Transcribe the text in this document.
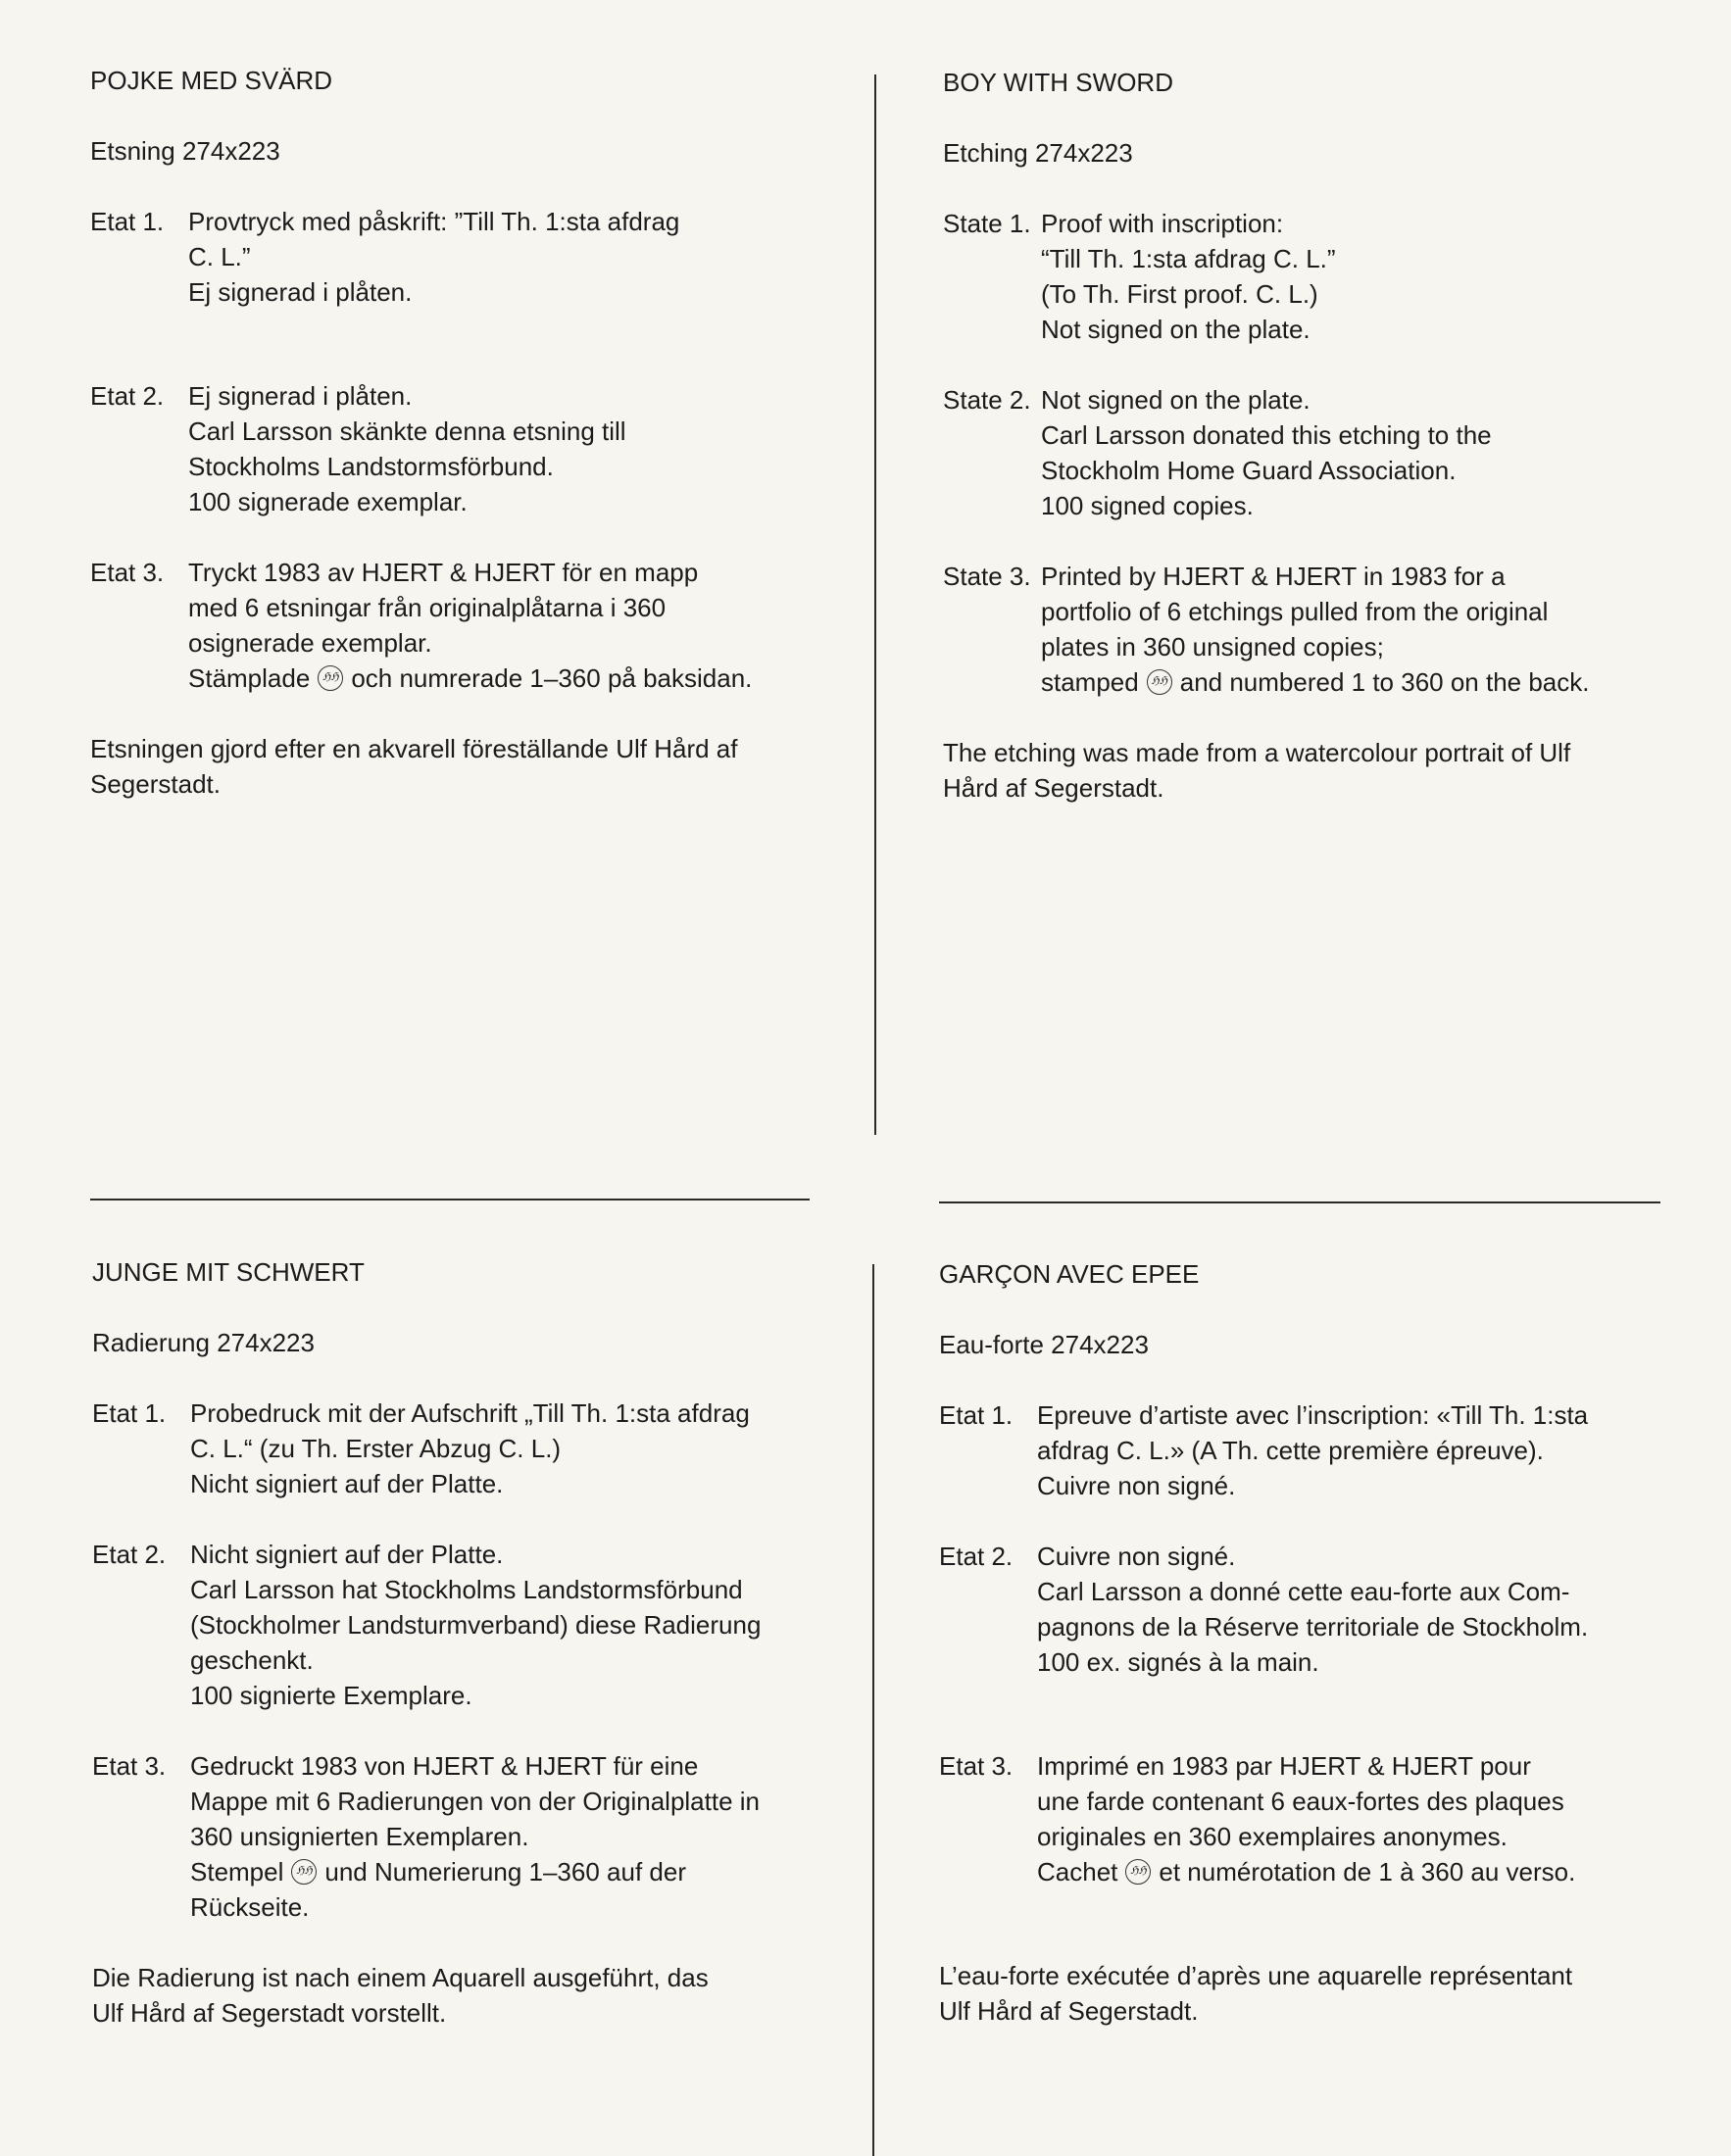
POJKE MED SVÄRD
Etsning 274x223
Etat 1. Provtryck med påskrift: ”Till Th. 1:sta afdrag
C. L.”
Ej signerad i plåten.
Etat 2. Ej signerad i plåten.
Carl Larsson skänkte denna etsning till
Stockholms Landstormsförbund.
100 signerade exemplar.
Etat 3. Tryckt 1983 av HJERT & HJERT för en mapp
med 6 etsningar från originalplåtarna i 360
osignerade exemplar.
Stämplade ℌℌ och numrerade 1–360 på baksidan.
Etsningen gjord efter en akvarell föreställande Ulf Hård af
Segerstadt.
BOY WITH SWORD
Etching 274x223
State 1. Proof with inscription:
“Till Th. 1:sta afdrag C. L.”
(To Th. First proof. C. L.)
Not signed on the plate.
State 2. Not signed on the plate.
Carl Larsson donated this etching to the
Stockholm Home Guard Association.
100 signed copies.
State 3. Printed by HJERT & HJERT in 1983 for a
portfolio of 6 etchings pulled from the original
plates in 360 unsigned copies;
stamped ℌℌ and numbered 1 to 360 on the back.
The etching was made from a watercolour portrait of Ulf
Hård af Segerstadt.
JUNGE MIT SCHWERT
Radierung 274x223
Etat 1. Probedruck mit der Aufschrift „Till Th. 1:sta afdrag
C. L.“ (zu Th. Erster Abzug C. L.)
Nicht signiert auf der Platte.
Etat 2. Nicht signiert auf der Platte.
Carl Larsson hat Stockholms Landstormsförbund
(Stockholmer Landsturmverband) diese Radierung
geschenkt.
100 signierte Exemplare.
Etat 3. Gedruckt 1983 von HJERT & HJERT für eine
Mappe mit 6 Radierungen von der Originalplatte in
360 unsignierten Exemplaren.
Stempel ℌℌ und Numerierung 1–360 auf der
Rückseite.
Die Radierung ist nach einem Aquarell ausgeführt, das
Ulf Hård af Segerstadt vorstellt.
GARÇON AVEC EPEE
Eau-forte 274x223
Etat 1. Epreuve d’artiste avec l’inscription: «Till Th. 1:sta
afdrag C. L.» (A Th. cette première épreuve).
Cuivre non signé.
Etat 2. Cuivre non signé.
Carl Larsson a donné cette eau-forte aux Com-
pagnons de la Réserve territoriale de Stockholm.
100 ex. signés à la main.
Etat 3. Imprimé en 1983 par HJERT & HJERT pour
une farde contenant 6 eaux-fortes des plaques
originales en 360 exemplaires anonymes.
Cachet ℌℌ et numérotation de 1 à 360 au verso.
L’eau-forte exécutée d’après une aquarelle représentant
Ulf Hård af Segerstadt.
